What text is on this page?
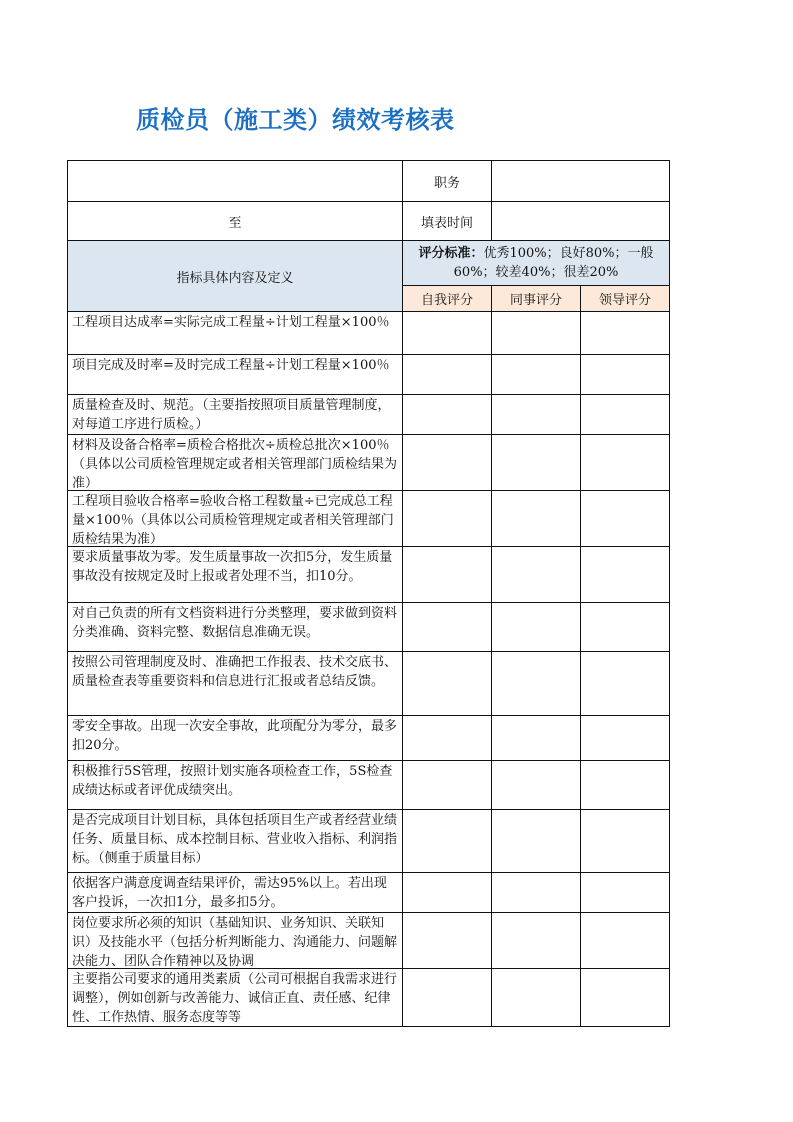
质检员（施工类）绩效考核表
	职务		
至	填表时间		
指标具体内容及定义	评分标准：优秀100%；良好80%；一般60%；较差40%；很差20%		
	自我评分	同事评分	领导评分

工程项目达成率=实际完成工程量÷计划工程量×100％			

项目完成及时率=及时完成工程量÷计划工程量×100％			

质量检查及时、规范。（主要指按照项目质量管理制度，对每道工序进行质检。）			

材料及设备合格率=质检合格批次÷质检总批次×100％（具体以公司质检管理规定或者相关管理部门质检结果为准）			

工程项目验收合格率=验收合格工程数量÷已完成总工程量×100％（具体以公司质检管理规定或者相关管理部门质检结果为准）			

要求质量事故为零。发生质量事故一次扣5分，发生质量事故没有按规定及时上报或者处理不当，扣10分。			

对自己负责的所有文档资料进行分类整理，要求做到资料分类准确、资料完整、数据信息准确无误。			

按照公司管理制度及时、准确把工作报表、技术交底书、质量检查表等重要资料和信息进行汇报或者总结反馈。			

零安全事故。出现一次安全事故，此项配分为零分，最多扣20分。			

积极推行5S管理，按照计划实施各项检查工作，5S检查成绩达标或者评优成绩突出。			

是否完成项目计划目标，具体包括项目生产或者经营业绩任务、质量目标、成本控制目标、营业收入指标、利润指标。（侧重于质量目标）			

依据客户满意度调查结果评价，需达95%以上。若出现客户投诉，一次扣1分，最多扣5分。			

岗位要求所必须的知识（基础知识、业务知识、关联知识）及技能水平（包括分析判断能力、沟通能力、问题解决能力、团队合作精神以及协调			

主要指公司要求的通用类素质（公司可根据自我需求进行调整），例如创新与改善能力、诚信正直、责任感、纪律性、工作热情、服务态度等等			
